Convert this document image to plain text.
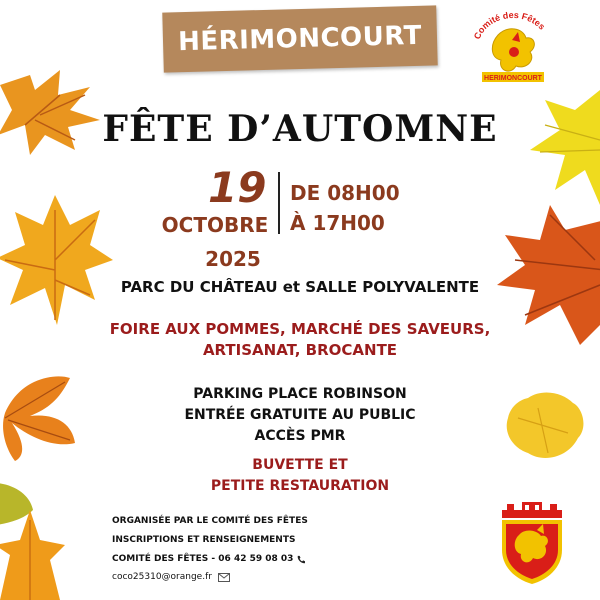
HÉRIMONCOURT	Comité des Fêtes
HERIMONCOURT
FÊTE D’AUTOMNE
19
OCTOBRE
2025
DE 08H00
À 17H00
PARC DU CHÂTEAU et SALLE POLYVALENTE
FOIRE AUX POMMES, MARCHÉ DES SAVEURS,
ARTISANAT, BROCANTE
PARKING PLACE ROBINSON
ENTRÉE GRATUITE AU PUBLIC
ACCÈS PMR
BUVETTE ET
PETITE RESTAURATION
ORGANISÉE PAR LE COMITÉ DES FÊTES
INSCRIPTIONS ET RENSEIGNEMENTS
COMITÉ DES FÊTES - 06 42 59 08 03
coco25310@orange.fr
